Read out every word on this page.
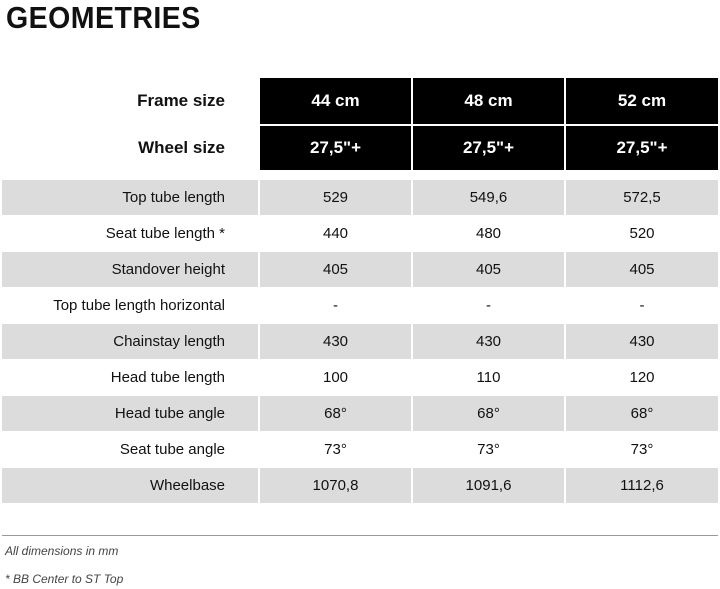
GEOMETRIES
Frame size	44 cm	48 cm	52 cm
Wheel size	27,5"+	27,5"+	27,5"+
Top tube length	529	549,6	572,5
Seat tube length *	440	480	520
Standover height	405	405	405
Top tube length horizontal	-	-	-
Chainstay length	430	430	430
Head tube length	100	110	120
Head tube angle	68°	68°	68°
Seat tube angle	73°	73°	73°
Wheelbase	1070,8	1091,6	1112,6
All dimensions in mm
* BB Center to ST Top
